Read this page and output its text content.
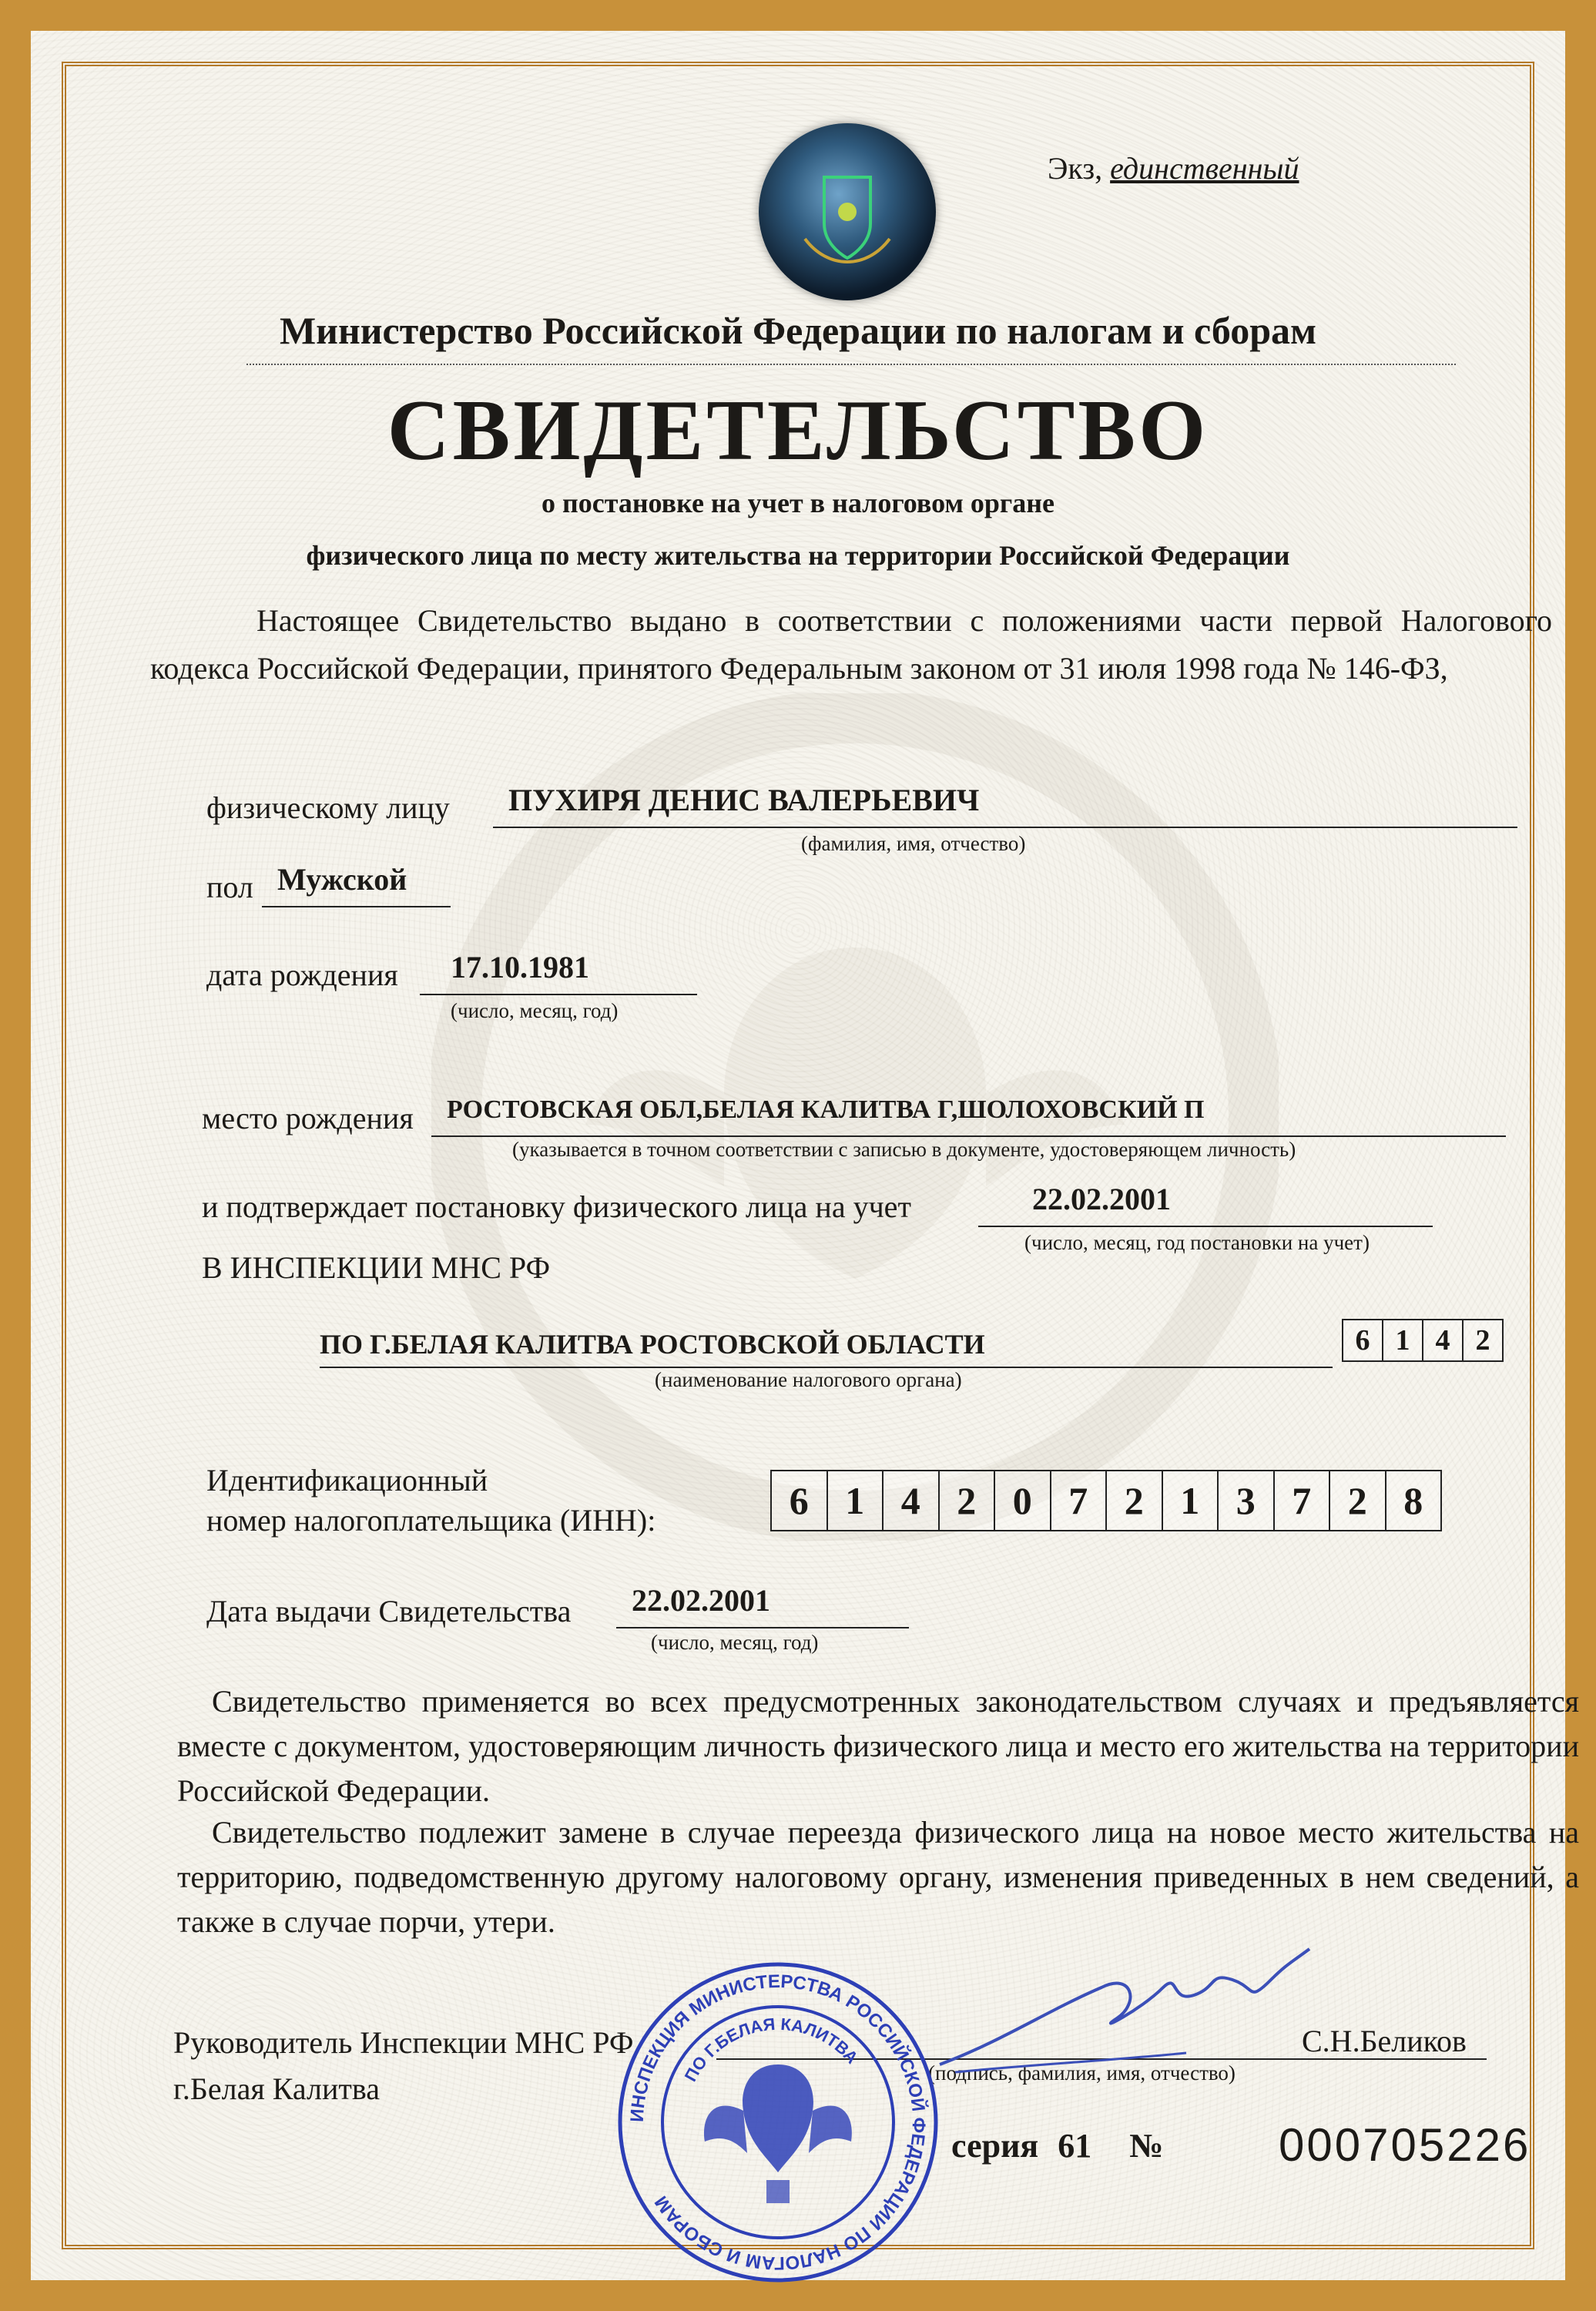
Экз, единственный
Министерство Российской Федерации по налогам и сборам
СВИДЕТЕЛЬСТВО
о постановке на учет в налоговом органе
физического лица по месту жительства на территории Российской Федерации
Настоящее Свидетельство выдано в соответствии с положениями части первой Налогового кодекса Российской Федерации, принятого Федеральным законом от 31 июля 1998 года № 146-ФЗ,
физическому лицу	ПУХИРЯ ДЕНИС ВАЛЕРЬЕВИЧ
(фамилия, имя, отчество)
пол Мужской
дата рождения	17.10.1981
(число, месяц, год)
место рождения	РОСТОВСКАЯ ОБЛ,БЕЛАЯ КАЛИТВА Г,ШОЛОХОВСКИЙ П
(указывается в точном соответствии с записью в документе, удостоверяющем личность)
и подтверждает постановку физического лица на учет	22.02.2001
(число, месяц, год постановки на учет)
В ИНСПЕКЦИИ МНС РФ
ПО Г.БЕЛАЯ КАЛИТВА РОСТОВСКОЙ ОБЛАСТИ	6 1 4 2
(наименование налогового органа)
Идентификационный
номер налогоплательщика (ИНН):	6 1 4 2 0 7 2 1 3 7 2 8
Дата выдачи Свидетельства	22.02.2001
(число, месяц, год)
Свидетельство применяется во всех предусмотренных законодательством случаях и предъявляется вместе с документом, удостоверяющим личность физического лица и место его жительства на территории Российской Федерации.
Свидетельство подлежит замене в случае переезда физического лица на новое место жительства на территорию, подведомственную другому налоговому органу, изменения приведенных в нем сведений, а также в случае порчи, утери.
Руководитель Инспекции МНС РФ
г.Белая Калитва	(подпись, фамилия, имя, отчество)
С.Н.Беликов
ИНСПЕКЦИЯ МИНИСТЕРСТВА РОССИЙСКОЙ ФЕДЕРАЦИИ ПО НАЛОГАМ И СБОРАМ
ПО Г.БЕЛАЯ КАЛИТВА
серия 61 № 000705226
